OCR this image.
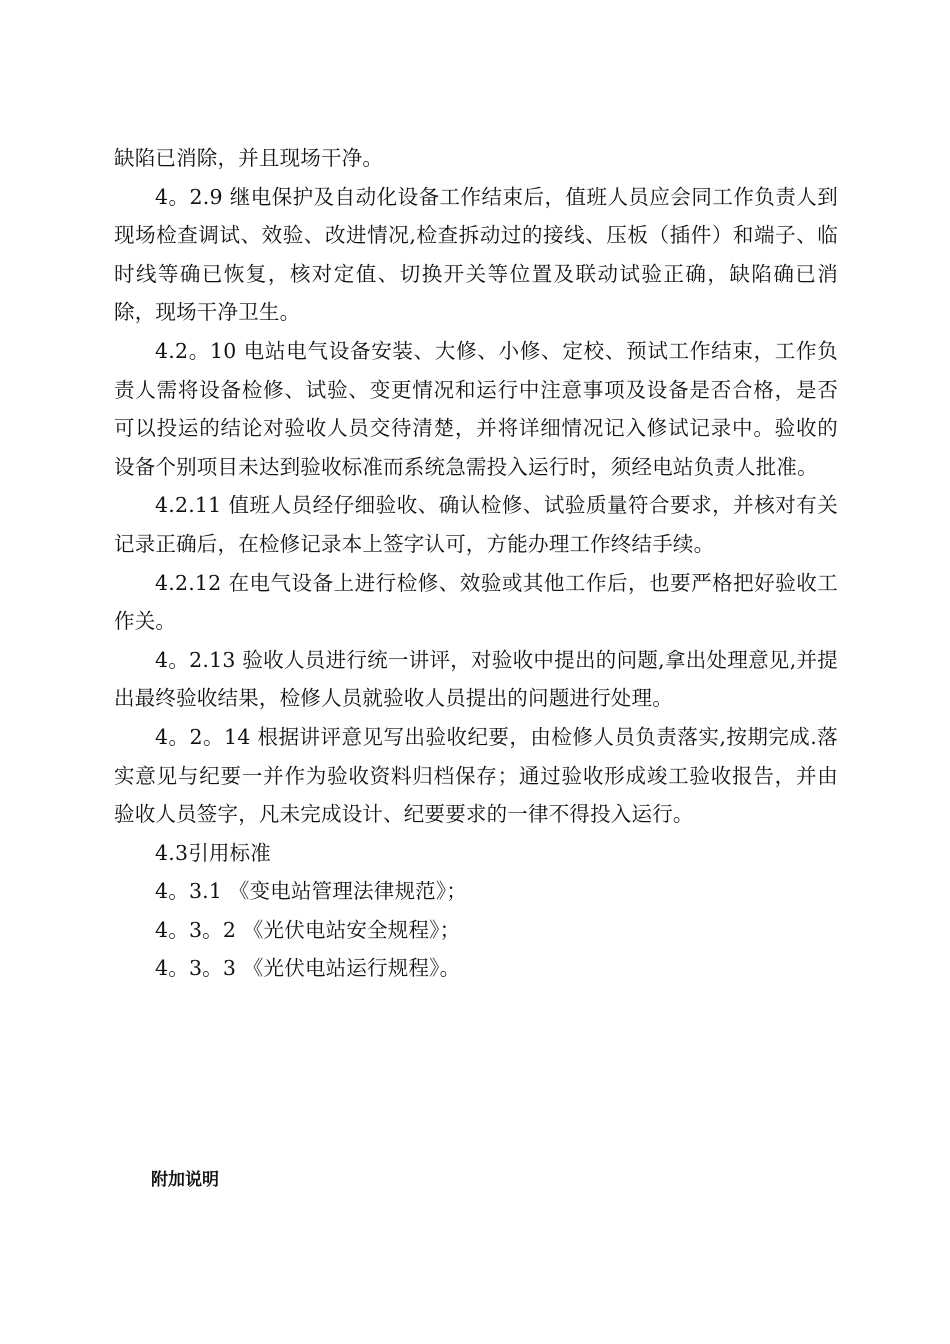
缺陷已消除，并且现场干净。

4。2.9 继电保护及自动化设备工作结束后，值班人员应会同工作负责人到现场检查调试、效验、改进情况,检查拆动过的接线、压板（插件）和端子、临时线等确已恢复，核对定值、切换开关等位置及联动试验正确，缺陷确已消除，现场干净卫生。

4.2。10 电站电气设备安装、大修、小修、定校、预试工作结束，工作负责人需将设备检修、试验、变更情况和运行中注意事项及设备是否合格，是否可以投运的结论对验收人员交待清楚，并将详细情况记入修试记录中。验收的设备个别项目未达到验收标准而系统急需投入运行时，须经电站负责人批准。

4.2.11 值班人员经仔细验收、确认检修、试验质量符合要求，并核对有关记录正确后，在检修记录本上签字认可，方能办理工作终结手续。

4.2.12 在电气设备上进行检修、效验或其他工作后，也要严格把好验收工作关。

4。2.13 验收人员进行统一讲评，对验收中提出的问题,拿出处理意见,并提出最终验收结果，检修人员就验收人员提出的问题进行处理。

4。2。14 根据讲评意见写出验收纪要，由检修人员负责落实,按期完成.落实意见与纪要一并作为验收资料归档保存；通过验收形成竣工验收报告，并由验收人员签字，凡未完成设计、纪要要求的一律不得投入运行。

4.3引用标准

4。3.1 《变电站管理法律规范》；

4。3。2 《光伏电站安全规程》；

4。3。3 《光伏电站运行规程》。

附加说明
